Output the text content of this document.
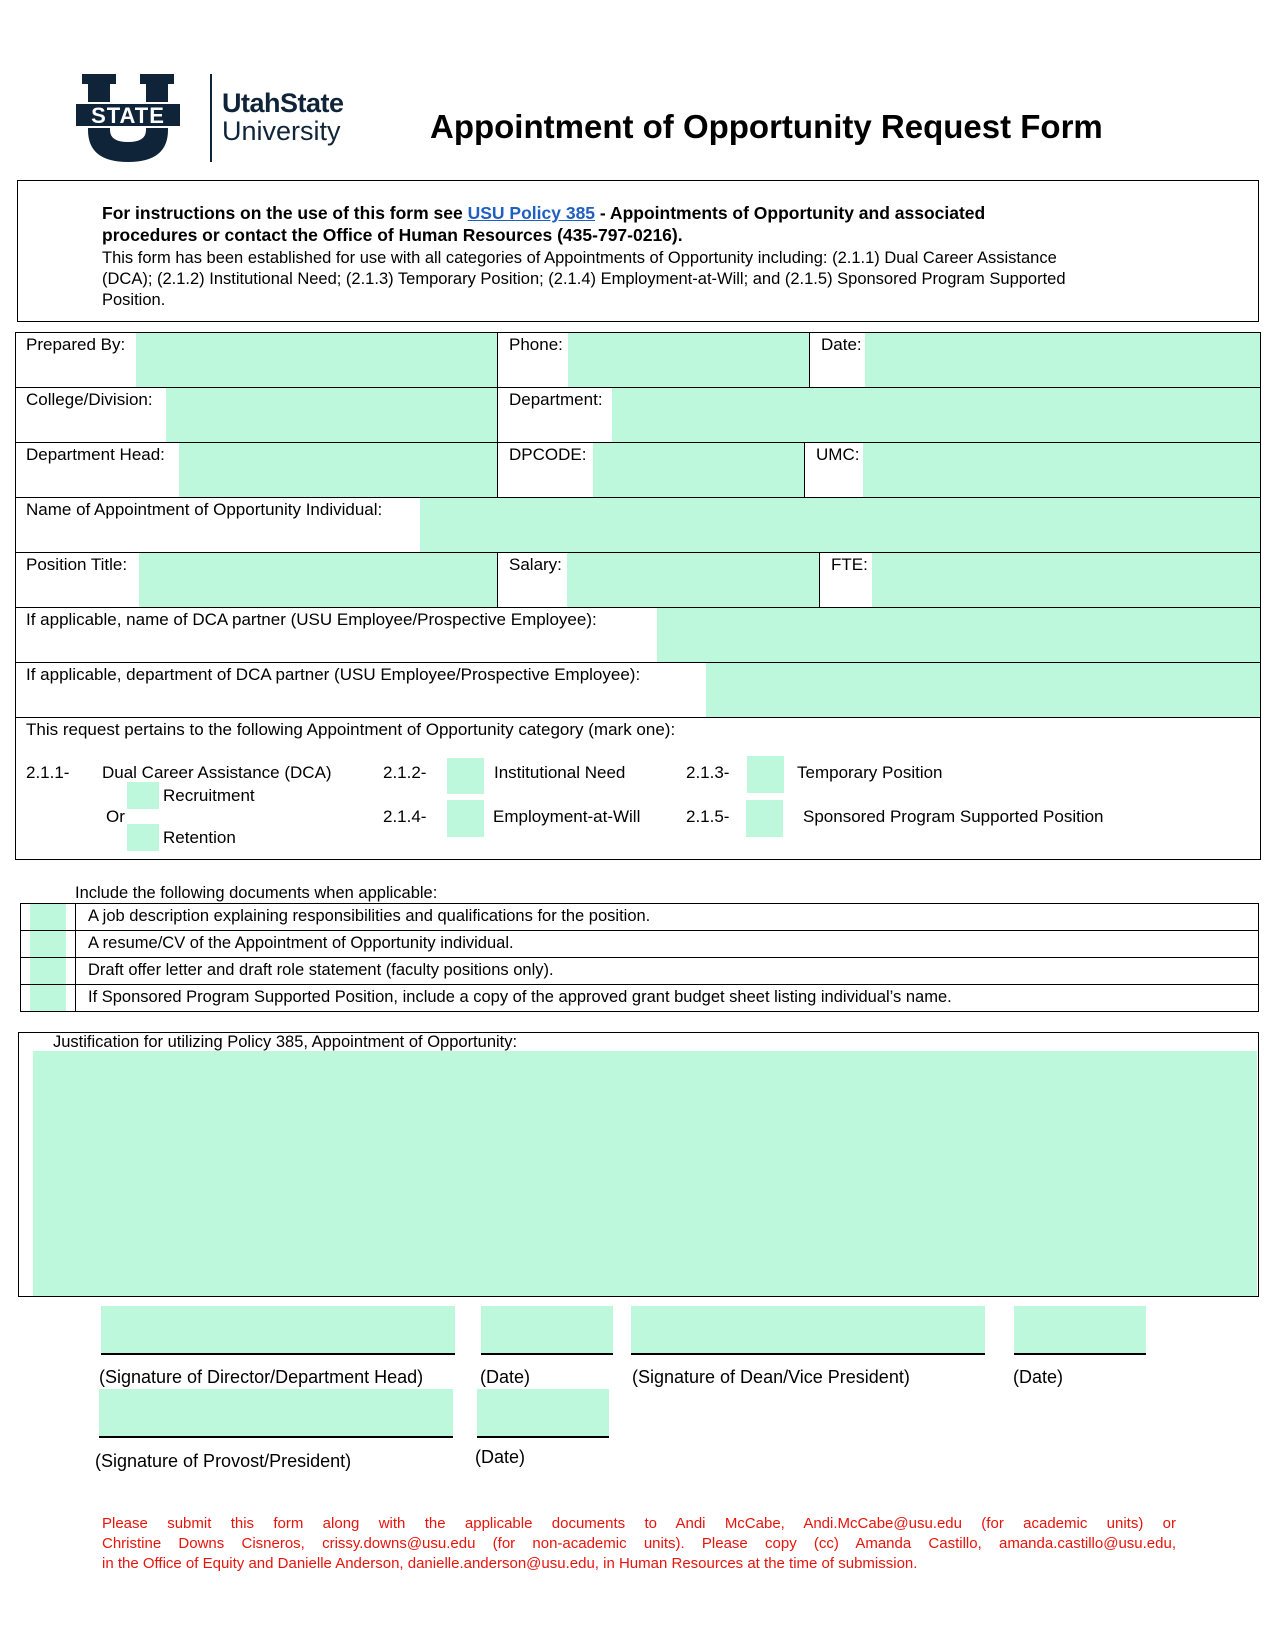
STATE	UtahState
University	Appointment of Opportunity Request Form
For instructions on the use of this form see USU Policy 385 - Appointments of Opportunity and associated
procedures or contact the Office of Human Resources (435-797-0216).
This form has been established for use with all categories of Appointments of Opportunity including: (2.1.1) Dual Career Assistance
(DCA); (2.1.2) Institutional Need; (2.1.3) Temporary Position; (2.1.4) Employment-at-Will; and (2.1.5) Sponsored Program Supported
Position.
Prepared By:	Phone:	Date:
College/Division:	Department:
Department Head:	DPCODE:	UMC:
Name of Appointment of Opportunity Individual:
Position Title:	Salary:	FTE:
If applicable, name of DCA partner (USU Employee/Prospective Employee):
If applicable, department of DCA partner (USU Employee/Prospective Employee):
This request pertains to the following Appointment of Opportunity category (mark one):
2.1.1- Dual Career Assistance (DCA)
Recruitment
Or
Retention
2.1.2-	Institutional Need	2.1.3-	Temporary Position
2.1.4-	Employment-at-Will	2.1.5-	Sponsored Program Supported Position
Include the following documents when applicable:
A job description explaining responsibilities and qualifications for the position.
A resume/CV of the Appointment of Opportunity individual.
Draft offer letter and draft role statement (faculty positions only).
If Sponsored Program Supported Position, include a copy of the approved grant budget sheet listing individual’s name.
Justification for utilizing Policy 385, Appointment of Opportunity:
(Signature of Director/Department Head)	(Date)	(Signature of Dean/Vice President)	(Date)
(Signature of Provost/President)	(Date)
Please submit this form along with the applicable documents to Andi McCabe, Andi.McCabe@usu.edu (for academic units) or
Christine Downs Cisneros, crissy.downs@usu.edu (for non-academic units). Please copy (cc) Amanda Castillo, amanda.castillo@usu.edu,
in the Office of Equity and Danielle Anderson, danielle.anderson@usu.edu, in Human Resources at the time of submission.
